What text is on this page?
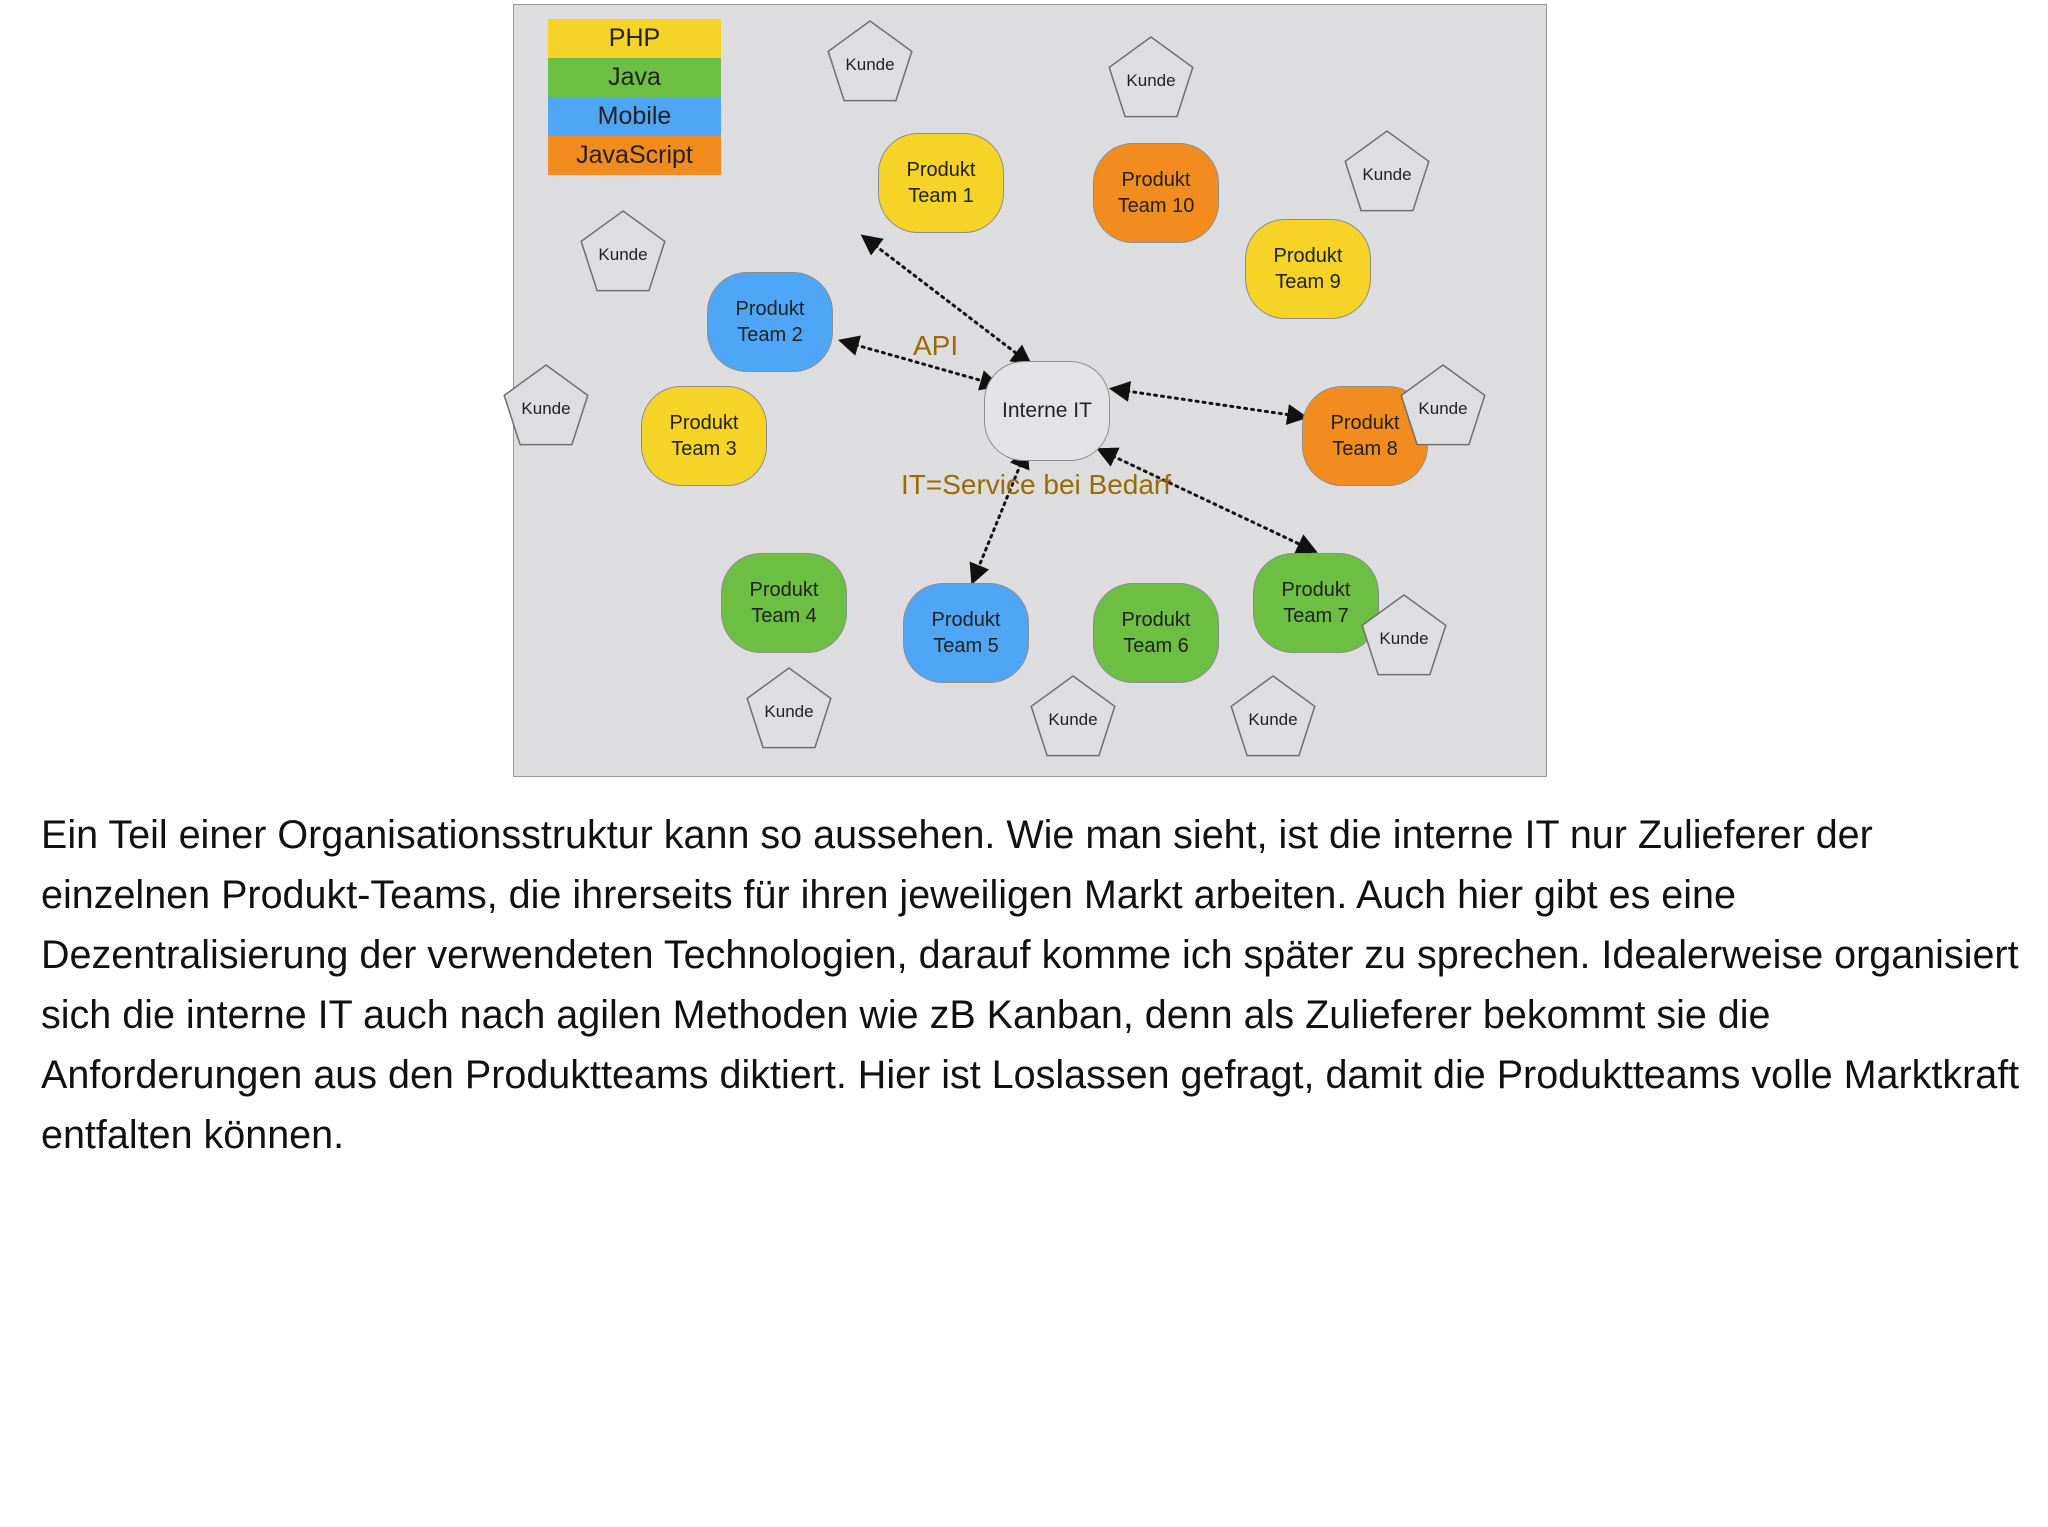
PHP
Java
Mobile
JavaScript
Produkt
Team 1
Produkt
Team 2
Produkt
Team 3
Produkt
Team 4	Produkt
Team 5
Produkt
Team 6
Produkt
Team 7
Produkt
Team 8
Produkt
Team 9
Produkt
Team 10
Interne IT
API
IT=Service bei Bedarf
Kunde
Kunde
Kunde
Kunde
Kunde	Kunde
Kunde
Kunde	Kunde	Kunde

Ein Teil einer Organisationsstruktur kann so aussehen. Wie man sieht, ist die interne IT nur Zulieferer der einzelnen Produkt-Teams, die ihrerseits für ihren jeweiligen Markt arbeiten. Auch hier gibt es eine Dezentralisierung der verwendeten Technologien, darauf komme ich später zu sprechen. Idealerweise organisiert sich die interne IT auch nach agilen Methoden wie zB Kanban, denn als Zulieferer bekommt sie die Anforderungen aus den Produktteams diktiert. Hier ist Loslassen gefragt, damit die Produktteams volle Marktkraft entfalten können.
